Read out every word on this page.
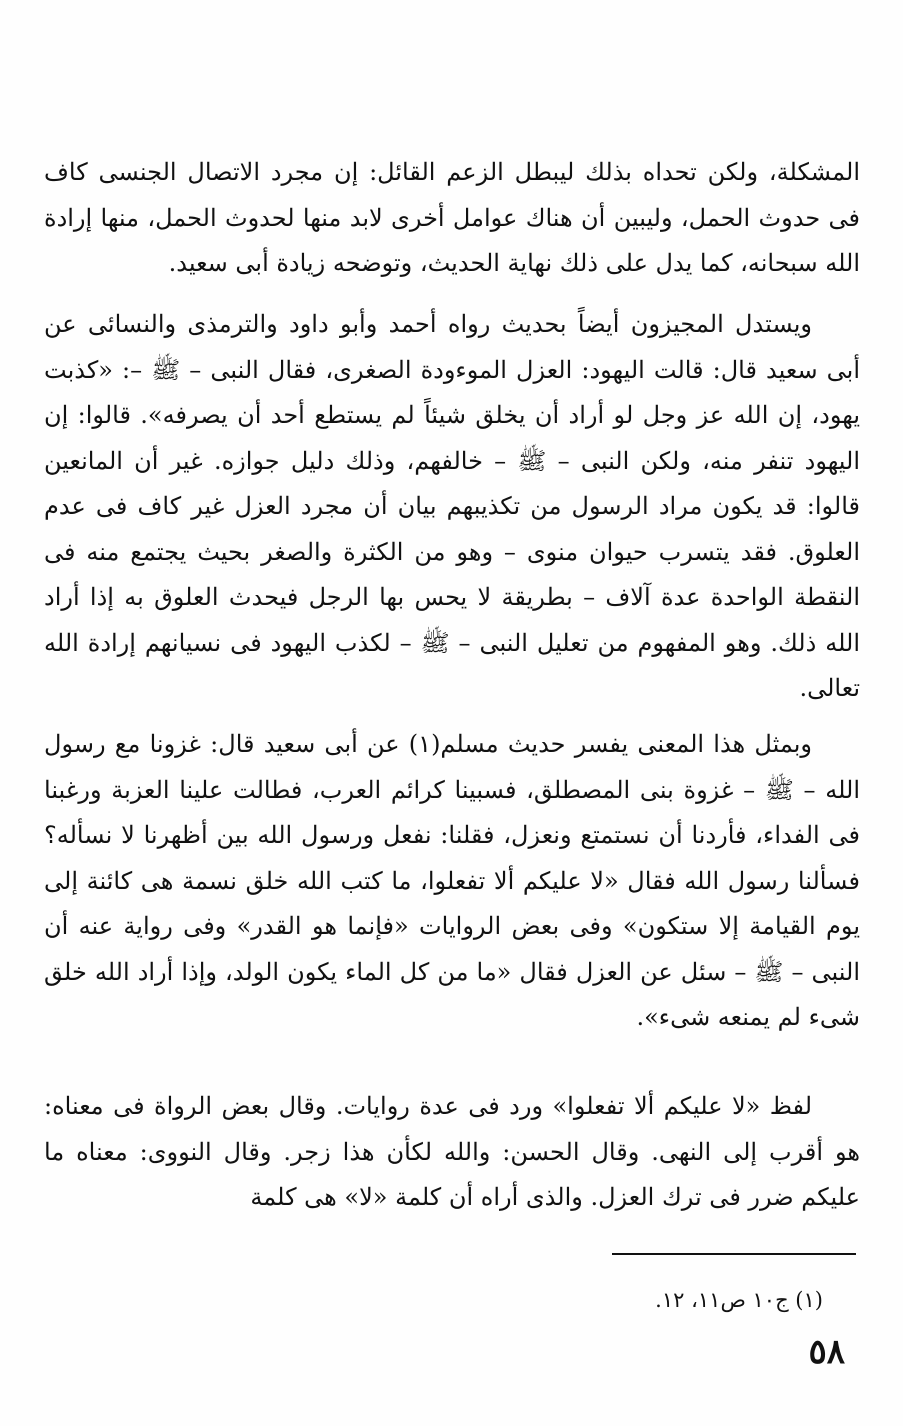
المشكلة، ولكن تحداه بذلك ليبطل الزعم القائل: إن مجرد الاتصال الجنسى كاف فى حدوث الحمل، وليبين أن هناك عوامل أخرى لابد منها لحدوث الحمل، منها إرادة الله سبحانه، كما يدل على ذلك نهاية الحديث، وتوضحه زيادة أبى سعيد.

ويستدل المجيزون أيضاً بحديث رواه أحمد وأبو داود والترمذى والنسائى عن أبى سعيد قال: قالت اليهود: العزل الموءودة الصغرى، فقال النبى – ﷺ –: «كذبت يهود، إن الله عز وجل لو أراد أن يخلق شيئاً لم يستطع أحد أن يصرفه». قالوا: إن اليهود تنفر منه، ولكن النبى – ﷺ – خالفهم، وذلك دليل جوازه. غير أن المانعين قالوا: قد يكون مراد الرسول من تكذيبهم بيان أن مجرد العزل غير كاف فى عدم العلوق. فقد يتسرب حيوان منوى – وهو من الكثرة والصغر بحيث يجتمع منه فى النقطة الواحدة عدة آلاف – بطريقة لا يحس بها الرجل فيحدث العلوق به إذا أراد الله ذلك. وهو المفهوم من تعليل النبى – ﷺ – لكذب اليهود فى نسيانهم إرادة الله تعالى.

وبمثل هذا المعنى يفسر حديث مسلم(١) عن أبى سعيد قال: غزونا مع رسول الله – ﷺ – غزوة بنى المصطلق، فسبينا كرائم العرب، فطالت علينا العزبة ورغبنا فى الفداء، فأردنا أن نستمتع ونعزل، فقلنا: نفعل ورسول الله بين أظهرنا لا نسأله؟ فسألنا رسول الله فقال «لا عليكم ألا تفعلوا، ما كتب الله خلق نسمة هى كائنة إلى يوم القيامة إلا ستكون» وفى بعض الروايات «فإنما هو القدر» وفى رواية عنه أن النبى – ﷺ – سئل عن العزل فقال «ما من كل الماء يكون الولد، وإذا أراد الله خلق شىء لم يمنعه شىء».

لفظ «لا عليكم ألا تفعلوا» ورد فى عدة روايات. وقال بعض الرواة فى معناه: هو أقرب إلى النهى. وقال الحسن: والله لكأن هذا زجر. وقال النووى: معناه ما عليكم ضرر فى ترك العزل. والذى أراه أن كلمة «لا» هى كلمة

(١) ج١٠ ص١١، ١٢.
٥٨
